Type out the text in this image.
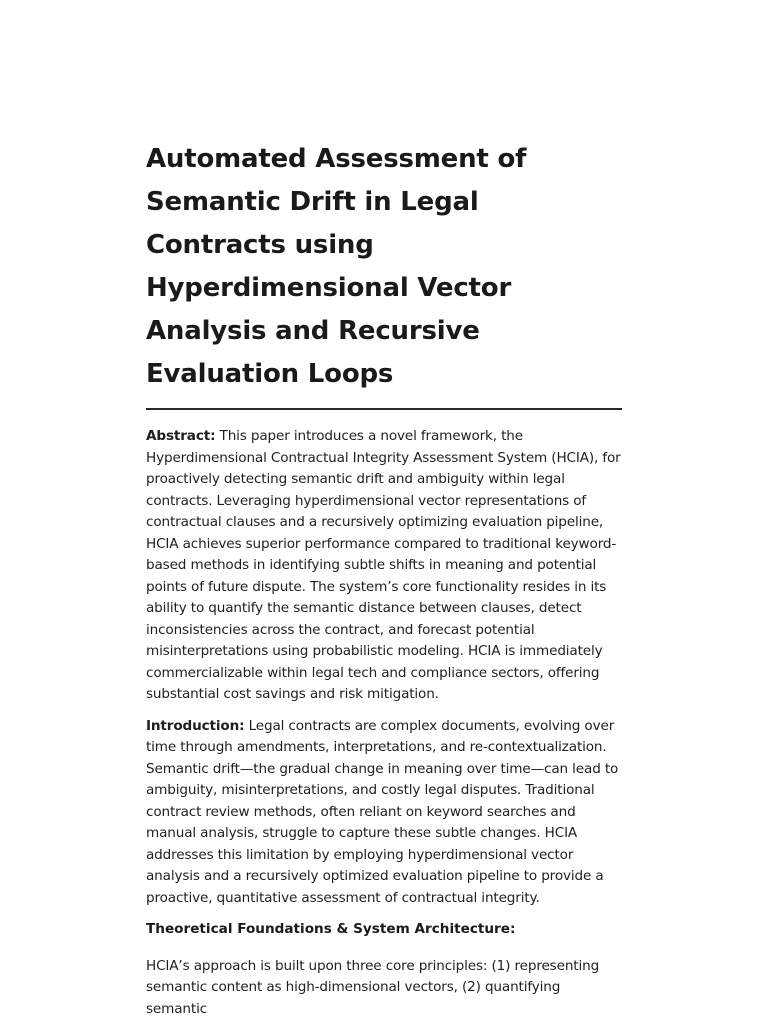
Automated Assessment of Semantic Drift in Legal Contracts using Hyperdimensional Vector Analysis and Recursive Evaluation Loops

Abstract: This paper introduces a novel framework, the Hyperdimensional Contractual Integrity Assessment System (HCIA), for proactively detecting semantic drift and ambiguity within legal contracts. Leveraging hyperdimensional vector representations of contractual clauses and a recursively optimizing evaluation pipeline, HCIA achieves superior performance compared to traditional keyword-based methods in identifying subtle shifts in meaning and potential points of future dispute. The system’s core functionality resides in its ability to quantify the semantic distance between clauses, detect inconsistencies across the contract, and forecast potential misinterpretations using probabilistic modeling. HCIA is immediately commercializable within legal tech and compliance sectors, offering substantial cost savings and risk mitigation.

Introduction: Legal contracts are complex documents, evolving over time through amendments, interpretations, and re-contextualization. Semantic drift—the gradual change in meaning over time—can lead to ambiguity, misinterpretations, and costly legal disputes. Traditional contract review methods, often reliant on keyword searches and manual analysis, struggle to capture these subtle changes. HCIA addresses this limitation by employing hyperdimensional vector analysis and a recursively optimized evaluation pipeline to provide a proactive, quantitative assessment of contractual integrity.

Theoretical Foundations & System Architecture:

HCIA’s approach is built upon three core principles: (1) representing semantic content as high-dimensional vectors, (2) quantifying semantic
